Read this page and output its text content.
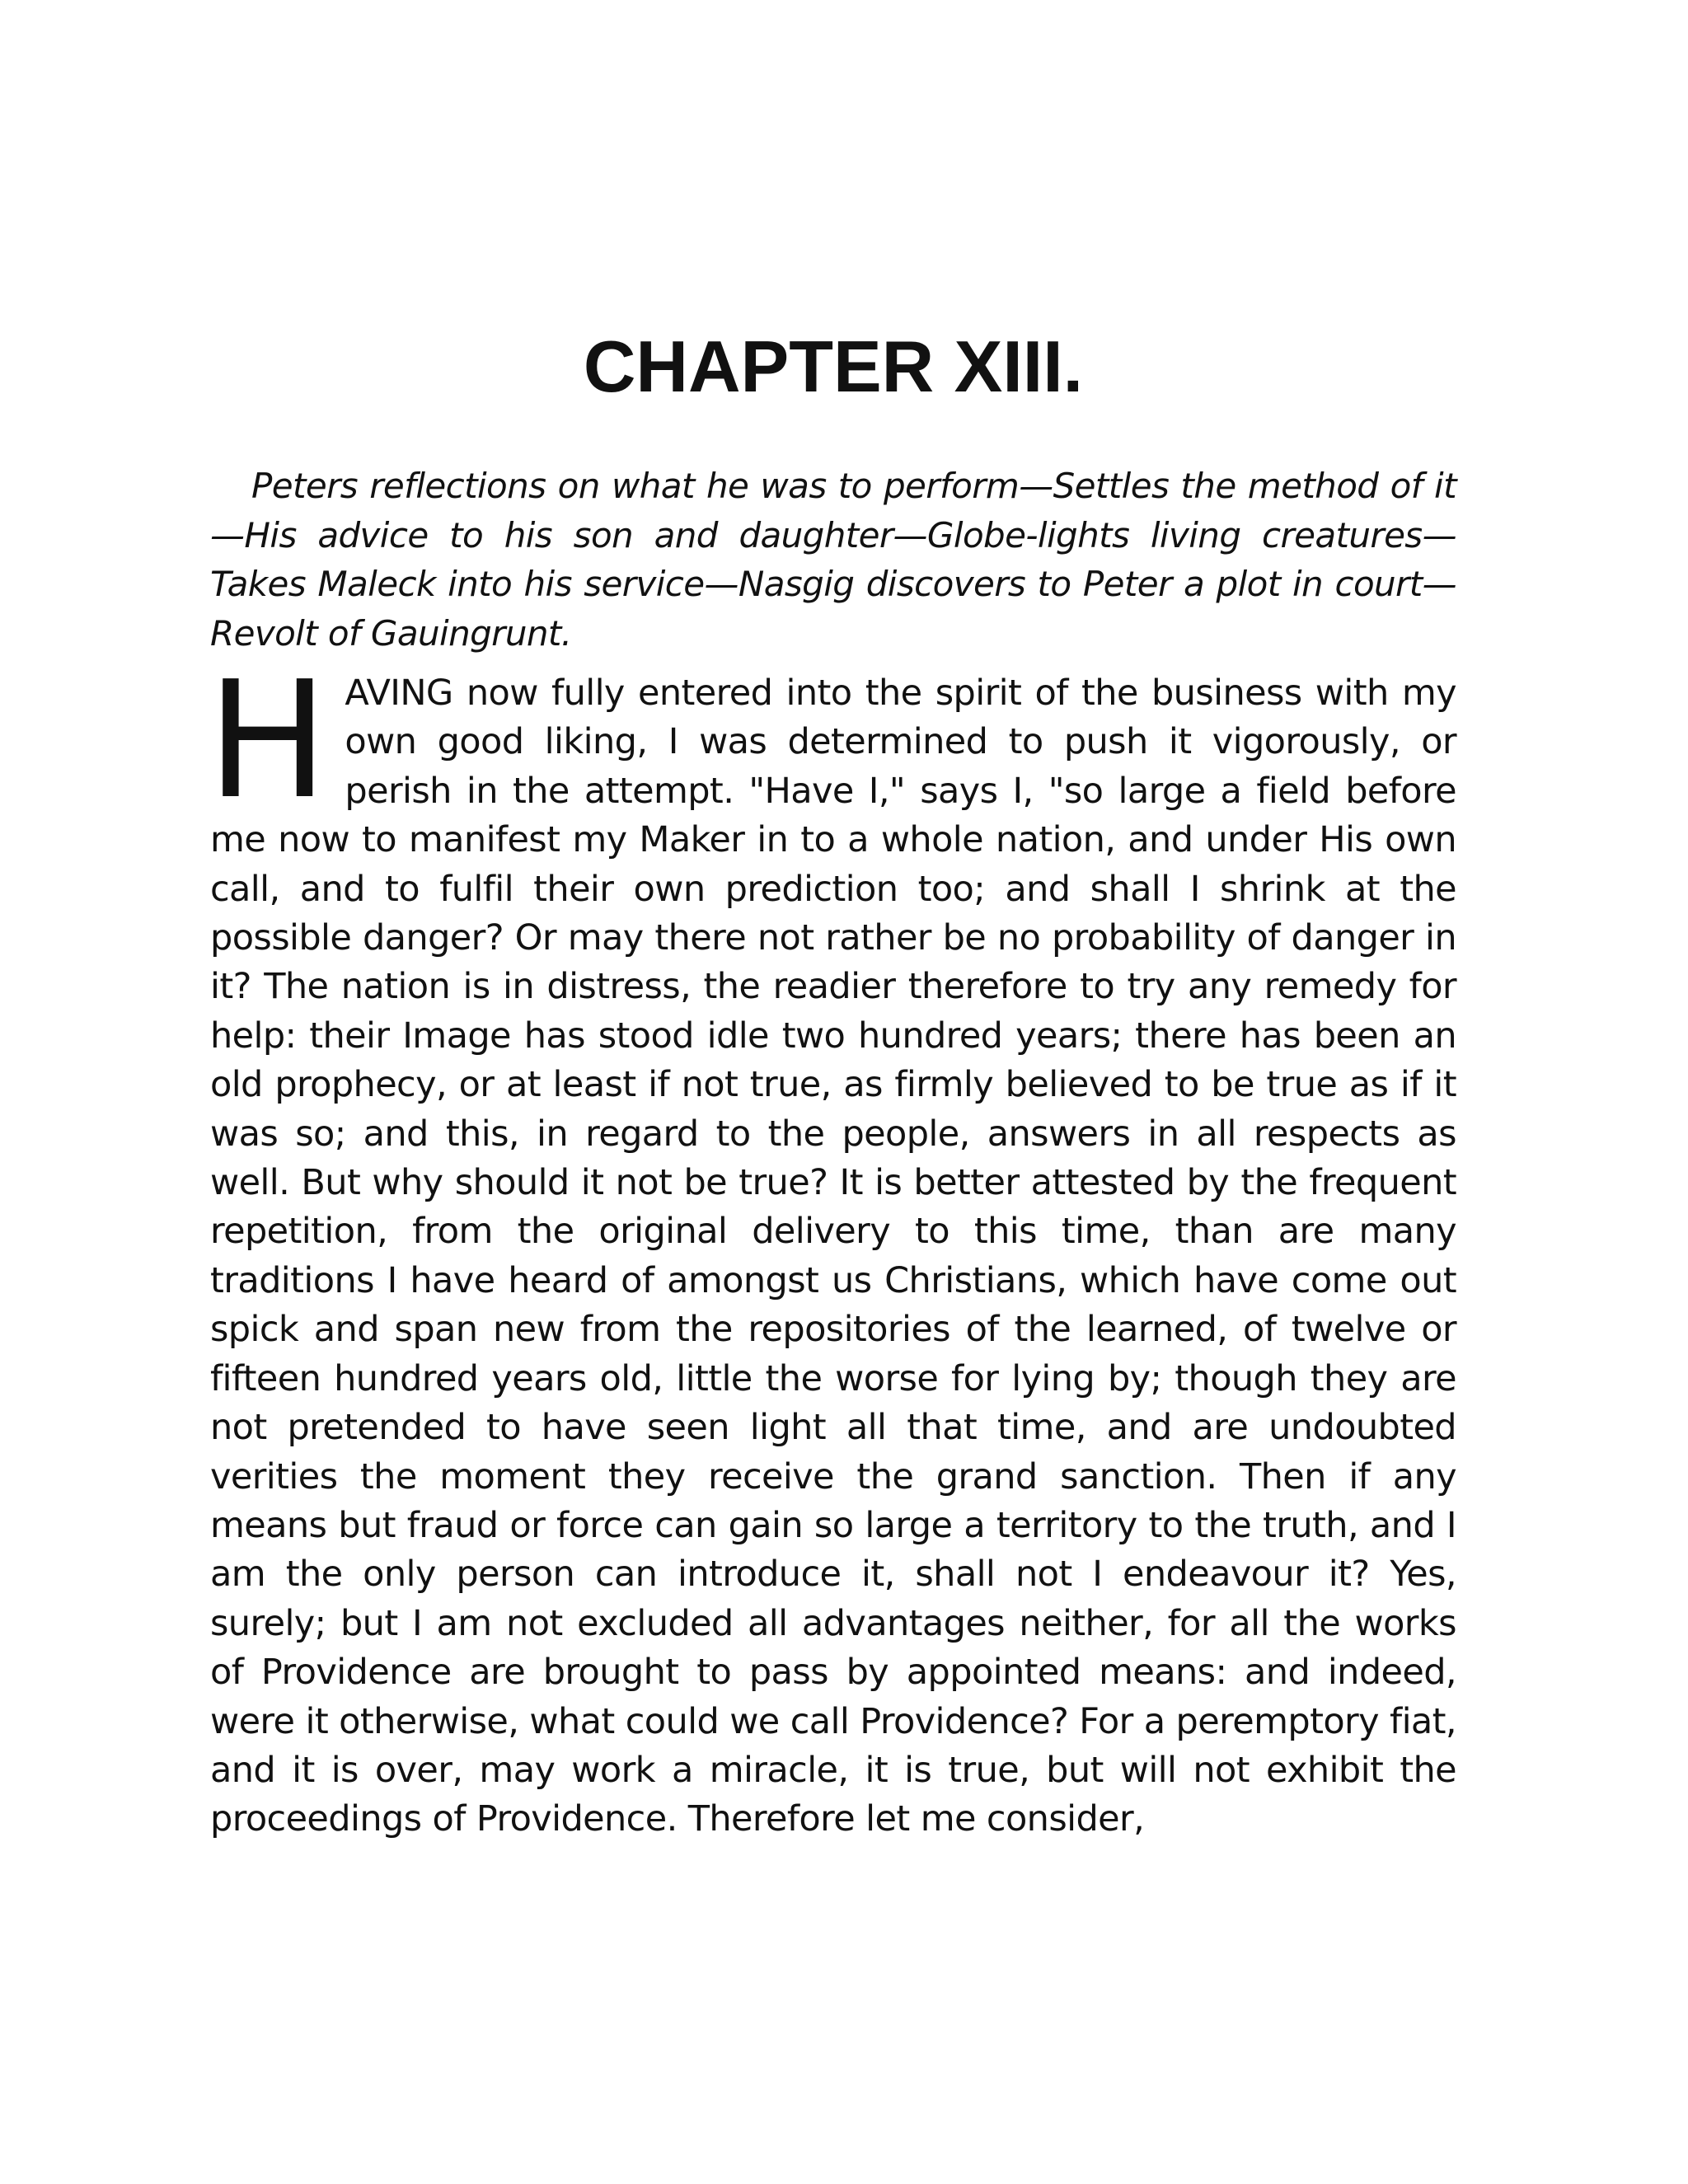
CHAPTER XIII.

Peters reflections on what he was to perform—Settles the method of it—His advice to his son and daughter—Globe-lights living creatures—Takes Maleck into his service—Nasgig discovers to Peter a plot in court—Revolt of Gauingrunt.

HAVING now fully entered into the spirit of the business with my own good liking, I was determined to push it vigorously, or perish in the attempt. "Have I," says I, "so large a field before me now to manifest my Maker in to a whole nation, and under His own call, and to fulfil their own prediction too; and shall I shrink at the possible danger? Or may there not rather be no probability of danger in it? The nation is in distress, the readier therefore to try any remedy for help: their Image has stood idle two hundred years; there has been an old prophecy, or at least if not true, as firmly believed to be true as if it was so; and this, in regard to the people, answers in all respects as well. But why should it not be true? It is better attested by the frequent repetition, from the original delivery to this time, than are many traditions I have heard of amongst us Christians, which have come out spick and span new from the repositories of the learned, of twelve or fifteen hundred years old, little the worse for lying by; though they are not pretended to have seen light all that time, and are undoubted verities the moment they receive the grand sanction. Then if any means but fraud or force can gain so large a territory to the truth, and I am the only person can introduce it, shall not I endeavour it? Yes, surely; but I am not excluded all advantages neither, for all the works of Providence are brought to pass by appointed means: and indeed, were it otherwise, what could we call Providence? For a peremptory fiat, and it is over, may work a miracle, it is true, but will not exhibit the proceedings of Providence. Therefore let me consider,
